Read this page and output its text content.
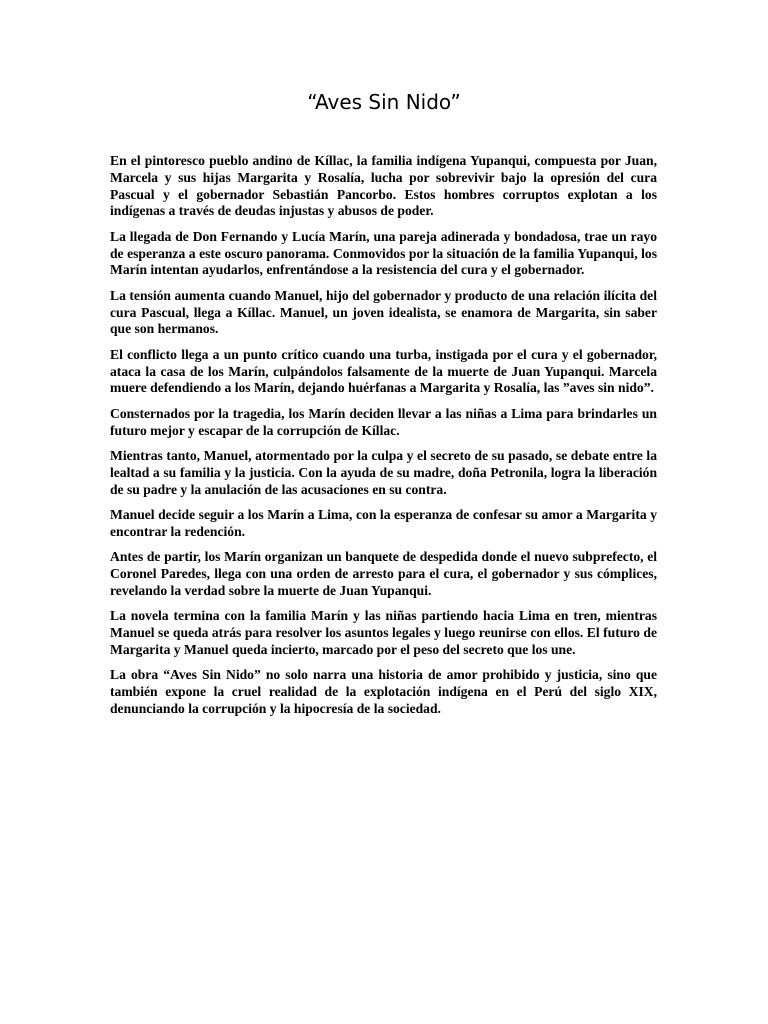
“Aves Sin Nido”

En el pintoresco pueblo andino de Kíllac, la familia indígena Yupanqui, compuesta por Juan, Marcela y sus hijas Margarita y Rosalía, lucha por sobrevivir bajo la opresión del cura Pascual y el gobernador Sebastián Pancorbo. Estos hombres corruptos explotan a los indígenas a través de deudas injustas y abusos de poder.

La llegada de Don Fernando y Lucía Marín, una pareja adinerada y bondadosa, trae un rayo de esperanza a este oscuro panorama. Conmovidos por la situación de la familia Yupanqui, los Marín intentan ayudarlos, enfrentándose a la resistencia del cura y el gobernador.

La tensión aumenta cuando Manuel, hijo del gobernador y producto de una relación ilícita del cura Pascual, llega a Kíllac. Manuel, un joven idealista, se enamora de Margarita, sin saber que son hermanos.

El conflicto llega a un punto crítico cuando una turba, instigada por el cura y el gobernador, ataca la casa de los Marín, culpándolos falsamente de la muerte de Juan Yupanqui. Marcela muere defendiendo a los Marín, dejando huérfanas a Margarita y Rosalía, las ”aves sin nido”.

Consternados por la tragedia, los Marín deciden llevar a las niñas a Lima para brindarles un futuro mejor y escapar de la corrupción de Kíllac.

Mientras tanto, Manuel, atormentado por la culpa y el secreto de su pasado, se debate entre la lealtad a su familia y la justicia. Con la ayuda de su madre, doña Petronila, logra la liberación de su padre y la anulación de las acusaciones en su contra.

Manuel decide seguir a los Marín a Lima, con la esperanza de confesar su amor a Margarita y encontrar la redención.

Antes de partir, los Marín organizan un banquete de despedida donde el nuevo subprefecto, el Coronel Paredes, llega con una orden de arresto para el cura, el gobernador y sus cómplices, revelando la verdad sobre la muerte de Juan Yupanqui.

La novela termina con la familia Marín y las niñas partiendo hacia Lima en tren, mientras Manuel se queda atrás para resolver los asuntos legales y luego reunirse con ellos. El futuro de Margarita y Manuel queda incierto, marcado por el peso del secreto que los une.

La obra “Aves Sin Nido” no solo narra una historia de amor prohibido y justicia, sino que también expone la cruel realidad de la explotación indígena en el Perú del siglo XIX, denunciando la corrupción y la hipocresía de la sociedad.
